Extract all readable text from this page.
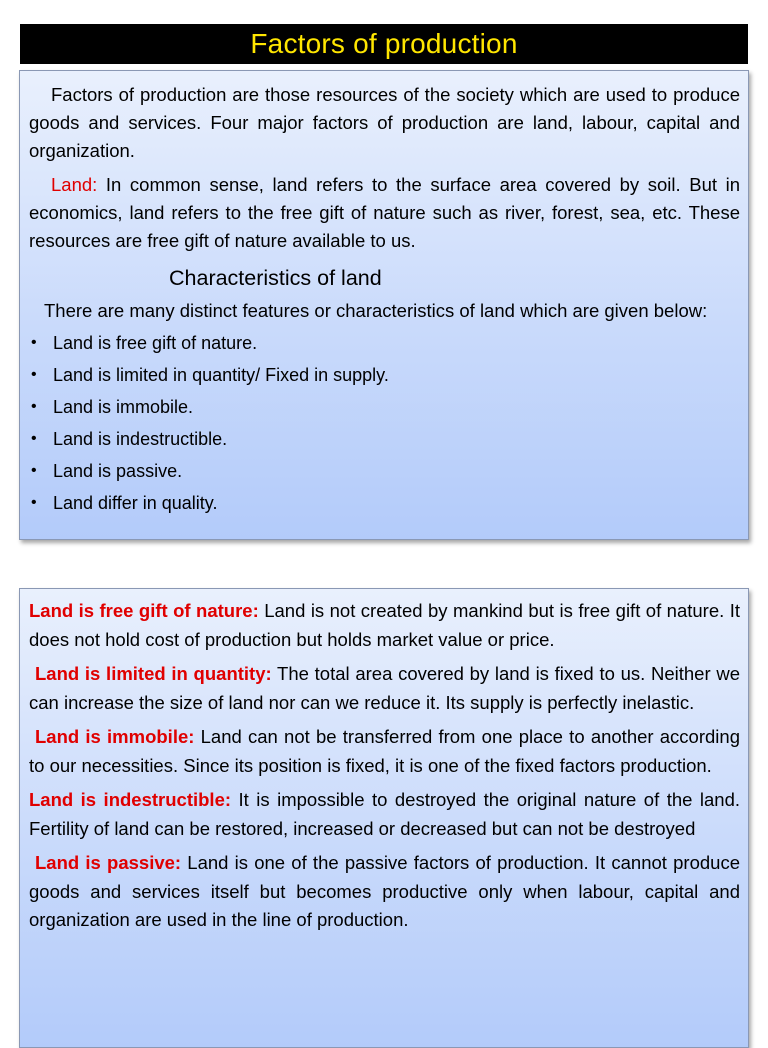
Factors of production

Factors of production are those resources of the society which are used to produce goods and services. Four major factors of production are land, labour, capital and organization.

Land: In common sense, land refers to the surface area covered by soil. But in economics, land refers to the free gift of nature such as river, forest, sea, etc. These resources are free gift of nature available to us.

Characteristics of land

There are many distinct features or characteristics of land which are given below:

• Land is free gift of nature.
• Land is limited in quantity/ Fixed in supply.
• Land is immobile.
• Land is indestructible.
• Land is passive.
• Land differ in quality.

Land is free gift of nature: Land is not created by mankind but is free gift of nature. It does not hold cost of production but holds market value or price.

Land is limited in quantity: The total area covered by land is fixed to us. Neither we can increase the size of land nor can we reduce it. Its supply is perfectly inelastic.

Land is immobile: Land can not be transferred from one place to another according to our necessities. Since its position is fixed, it is one of the fixed factors production.

Land is indestructible: It is impossible to destroyed the original nature of the land. Fertility of land can be restored, increased or decreased but can not be destroyed

Land is passive: Land is one of the passive factors of production. It cannot produce goods and services itself but becomes productive only when labour, capital and organization are used in the line of production.
